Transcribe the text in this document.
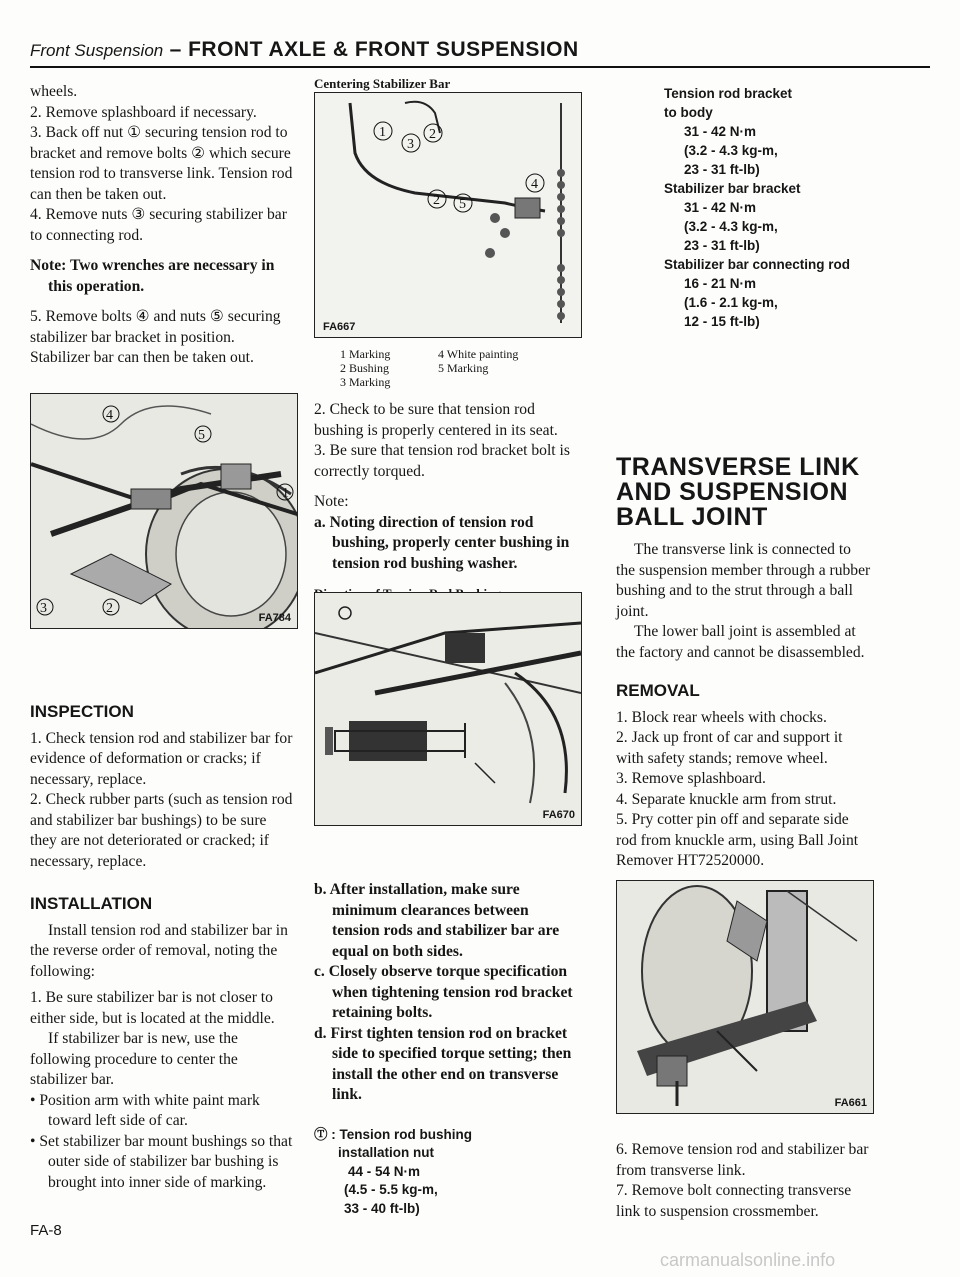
Front Suspension – FRONT AXLE & FRONT SUSPENSION

wheels.

2. Remove splashboard if necessary.

3. Back off nut ① securing tension rod to bracket and remove bolts ② which secure tension rod to transverse link. Tension rod can then be taken out.

4. Remove nuts ③ securing stabilizer bar to connecting rod.

Note: Two wrenches are necessary in this operation.

5. Remove bolts ④ and nuts ⑤ securing stabilizer bar bracket in position. Stabilizer bar can then be taken out.

4
5
1
3	2
FA784
INSPECTION

1. Check tension rod and stabilizer bar for evidence of deformation or cracks; if necessary, replace.

2. Check rubber parts (such as tension rod and stabilizer bar bushings) to be sure they are not deteriorated or cracked; if necessary, replace.

INSTALLATION

Install tension rod and stabilizer bar in the reverse order of removal, noting the following:

1. Be sure stabilizer bar is not closer to either side, but is located at the middle.

If stabilizer bar is new, use the following procedure to center the stabilizer bar.

• Position arm with white paint mark toward left side of car.

• Set stabilizer bar mount bushings so that outer side of stabilizer bar bushing is brought into inner side of marking.

Centering Stabilizer Bar

1	2
3
2 5
4
FA667
1 Marking	4 White painting
2 Bushing	5 Marking
3 Marking

2. Check to be sure that tension rod bushing is properly centered in its seat.

3. Be sure that tension rod bracket bolt is correctly torqued.

Note:

a. Noting direction of tension rod bushing, properly center bushing in tension rod bushing washer.

FA670

b. After installation, make sure minimum clearances between tension rods and stabilizer bar are equal on both sides.

c. Closely observe torque specification when tightening tension rod bracket retaining bolts.

d. First tighten tension rod on bracket side to specified torque setting; then install the other end on transverse link.

Ⓣ : Tension rod bushing
installation nut
44 - 54 N·m
(4.5 - 5.5 kg-m,
33 - 40 ft-lb)
Tension rod bracket
to body
31 - 42 N·m
(3.2 - 4.3 kg-m,
23 - 31 ft-lb)
Stabilizer bar bracket
31 - 42 N·m
(3.2 - 4.3 kg-m,
23 - 31 ft-lb)
Stabilizer bar connecting rod
16 - 21 N·m
(1.6 - 2.1 kg-m,
12 - 15 ft-lb)
TRANSVERSE LINK AND SUSPENSION BALL JOINT

The transverse link is connected to the suspension member through a rubber bushing and to the strut through a ball joint.

The lower ball joint is assembled at the factory and cannot be disassembled.

REMOVAL

1. Block rear wheels with chocks.

2. Jack up front of car and support it with safety stands; remove wheel.

3. Remove splashboard.

4. Separate knuckle arm from strut.

5. Pry cotter pin off and separate side rod from knuckle arm, using Ball Joint Remover HT72520000.

FA661

6. Remove tension rod and stabilizer bar from transverse link.

7. Remove bolt connecting transverse link to suspension crossmember.

FA-8
carmanualsonline.info
